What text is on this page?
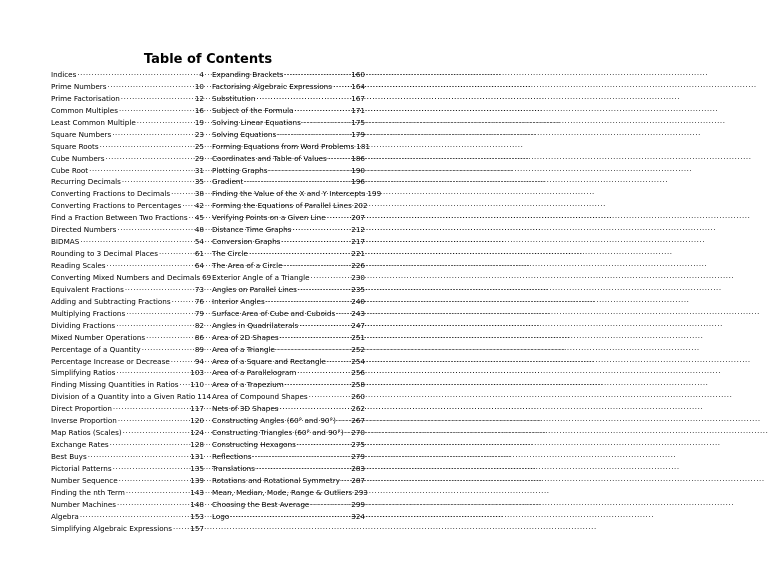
Table of Contents
Indices .....	4
Prime Numbers .....	10
Prime Factorisation .....	12
Common Multiples .....	16
Least Common Multiple .....	19
Square Numbers .....	23
Square Roots .....	25
Cube Numbers .....	29
Cube Root .....	31
Recurring Decimals .....	35
Converting Fractions to Decimals .....	38
Converting Fractions to Percentages ..... 42
Find a Fraction Between Two Fractions ..... 45
Directed Numbers .....	48
BIDMAS .....	54
Rounding to 3 Decimal Places .....	61
Reading Scales .....	64
Converting Mixed Numbers and Decimals 69
Equivalent Fractions .....	73
Adding and Subtracting Fractions .....	76
Multiplying Fractions .....	79
Dividing Fractions .....	82
Mixed Number Operations .....	86
Percentage of a Quantity .....	89
Percentage Increase or Decrease .....	94
Simplifying Ratios .....	103
Finding Missing Quantities in Ratios ..... 110
Division of a Quantity into a Given Ratio 114
Direct Proportion .....	117
Inverse Proportion .....	120
Map Ratios (Scales) .....	124
Exchange Rates .....	128
Best Buys .....	131
Pictorial Patterns .....	135
Number Sequence .....	139
Finding the nth Term .....	143
Number Machines .....	148
Algebra .....	153
Simplifying Algebraic Expressions .....	157
Expanding Brackets .....	160
Factorising Algebraic Expressions .....	164
Substitution .....	167
Subject of the Formula .....	171
Solving Linear Equations .....	175
Solving Equations .....	179
Forming Equations from Word Problems 181
Coordinates and Table of Values .....	186
Plotting Graphs .....	190
Gradient .....	196
Finding the Value of the X and Y Intercepts 199
Forming the Equations of Parallel Lines 202
Verifying Points on a Given Line .....	207
Distance Time Graphs .....	212
Conversion Graphs .....	217
The Circle .....	221
The Area of a Circle .....	226
Exterior Angle of a Triangle .....	230
Angles on Parallel Lines .....	235
Interior Angles .....	240
Surface Area of Cube and Cuboids ..... 243
Angles in Quadrilaterals .....	247
Area of 2D Shapes .....	251
Area of a Triangle .....	252
Area of a Square and Rectangle .....	254
Area of a Parallelogram .....	256
Area of a Trapezium .....	258
Area of Compound Shapes .....	260
Nets of 3D Shapes .....	262
Constructing Angles (60° and 90°) ..... 267
Constructing Triangles (60° and 90°) ..... 270
Constructing Hexagons .....	275
Reflections .....	279
Translations .....	283
Rotations and Rotational Symmetry ..... 287
Mean, Median, Mode, Range & Outliers 293
Choosing the Best Average .....	299
Logo .....	324
